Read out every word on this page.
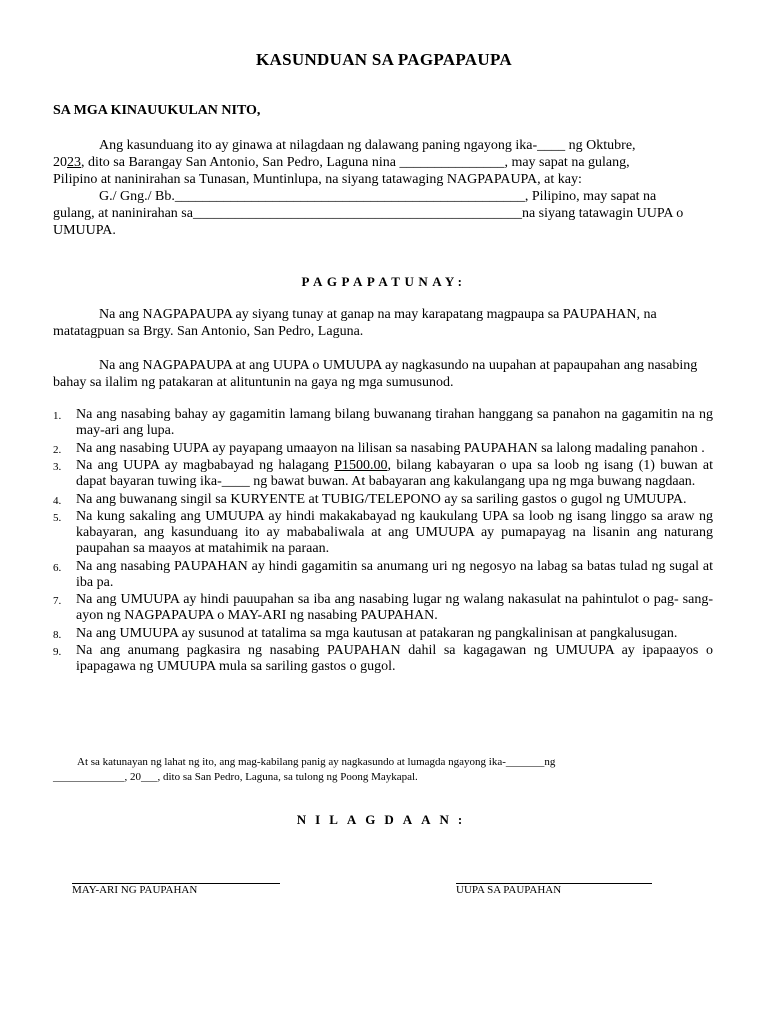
KASUNDUAN SA PAGPAPAUPA
SA MGA KINAUUKULAN NITO,
Ang kasunduang ito ay ginawa at nilagdaan ng dalawang paning ngayong ika-____ ng Oktubre,
2023, dito sa Barangay San Antonio, San Pedro, Laguna nina _______________, may sapat na gulang,
Pilipino at naninirahan sa Tunasan, Muntinlupa, na siyang tatawaging NAGPAPAUPA, at kay:
G./ Gng./ Bb.__________________________________________________, Pilipino, may sapat na
gulang, at naninirahan sa_______________________________________________na siyang tatawagin UUPA o
UMUUPA.
PAGPAPATUNAY:
Na ang NAGPAPAUPA ay siyang tunay at ganap na may karapatang magpaupa sa PAUPAHAN, na matatagpuan sa Brgy. San Antonio, San Pedro, Laguna.
Na ang NAGPAPAUPA at ang UUPA o UMUUPA ay nagkasundo na uupahan at papaupahan ang nasabing bahay sa ilalim ng patakaran at alituntunin na gaya ng mga sumusunod.
1. Na ang nasabing bahay ay gagamitin lamang bilang buwanang tirahan hanggang sa panahon na gagamitin na ng may-ari ang lupa.
2. Na ang nasabing UUPA ay payapang umaayon na lilisan sa nasabing PAUPAHAN sa lalong madaling panahon .
3. Na ang UUPA ay magbabayad ng halagang P1500.00, bilang kabayaran o upa sa loob ng isang (1) buwan at dapat bayaran tuwing ika-____ ng bawat buwan. At babayaran ang kakulangang upa ng mga buwang nagdaan.
4. Na ang buwanang singil sa KURYENTE at TUBIG/TELEPONO ay sa sariling gastos o gugol ng UMUUPA.
5. Na kung sakaling ang UMUUPA ay hindi makakabayad ng kaukulang UPA sa loob ng isang linggo sa araw ng kabayaran, ang kasunduang ito ay mababaliwala at ang UMUUPA ay pumapayag na lisanin ang naturang paupahan sa maayos at matahimik na paraan.
6. Na ang nasabing PAUPAHAN ay hindi gagamitin sa anumang uri ng negosyo na labag sa batas tulad ng sugal at iba pa.
7. Na ang UMUUPA ay hindi pauupahan sa iba ang nasabing lugar ng walang nakasulat na pahintulot o pag- sang-ayon ng NAGPAPAUPA o MAY-ARI ng nasabing PAUPAHAN.
8. Na ang UMUUPA ay susunod at tatalima sa mga kautusan at patakaran ng pangkalinisan at pangkalusugan.
9. Na ang anumang pagkasira ng nasabing PAUPAHAN dahil sa kagagawan ng UMUUPA ay ipapaayos o ipapagawa ng UMUUPA mula sa sariling gastos o gugol.
At sa katunayan ng lahat ng ito, ang mag-kabilang panig ay nagkasundo at lumagda ngayong ika-_______ng
_____________, 20___, dito sa San Pedro, Laguna, sa tulong ng Poong Maykapal.
NILAGDAAN:
MAY-ARI NG PAUPAHAN	UUPA SA PAUPAHAN
